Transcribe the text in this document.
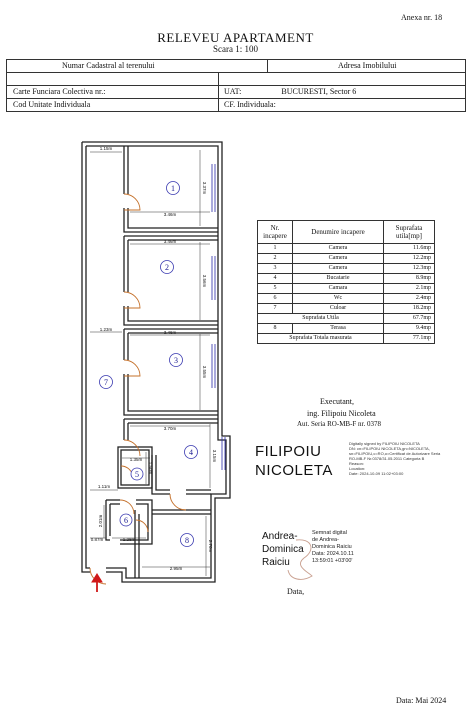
Anexa nr. 18
RELEVEU APARTAMENT
Scara 1: 100
Numar Cadastral al terenului	Adresa Imobilului
Carte Funciara Colectiva nr.:	UAT:                    BUCURESTI, Sector 6
Cod Unitate Individuala	CF. Individuala:
1
2
3
4
5
6
7
8
1.15m
3.46m
3.37m
3.46m
3.56m
1.23m
3.46m
3.55m
3.70m
3.15m
1.35m
1.50m
1.11m
2.01m
1.28m
0.87m
2.70m
2.95m
Nr. incapere	Denumire incapere	Suprafata utila[mp]
1	Camera	11.6mp
2	Camera	12.2mp
3	Camera	12.3mp
4	Bucatarie	8.9mp
5	Camara	2.1mp
6	Wc	2.4mp
7	Culoar	18.2mp
Suprafata Utila		67.7mp
8	Terasa	9.4mp
Suprafata Totala masurata		77.1mp
Executant,
ing. Filipoiu Nicoleta
Aut. Seria RO-MB-F nr. 0378
FILIPOIU
NICOLETA
Digitally signed by FILIPOIU NICOLETA
DN: cn=FILIPOIU NICOLETA,gn=NICOLETA,
sn=FILIPOIU,c=RO,o=Certificat de Autorizare Seria
RO-MB-F Nr.0378/31.05.2011 Categoria B
Reason:
Location:
Date: 2024-10-09 11:02+03:00
Andrea-
Dominica
Raiciu
Semnat digital
de Andrea-
Dominica Raiciu
Data: 2024.10.11
13:59:01 +03'00'
Data,
Data: Mai 2024
